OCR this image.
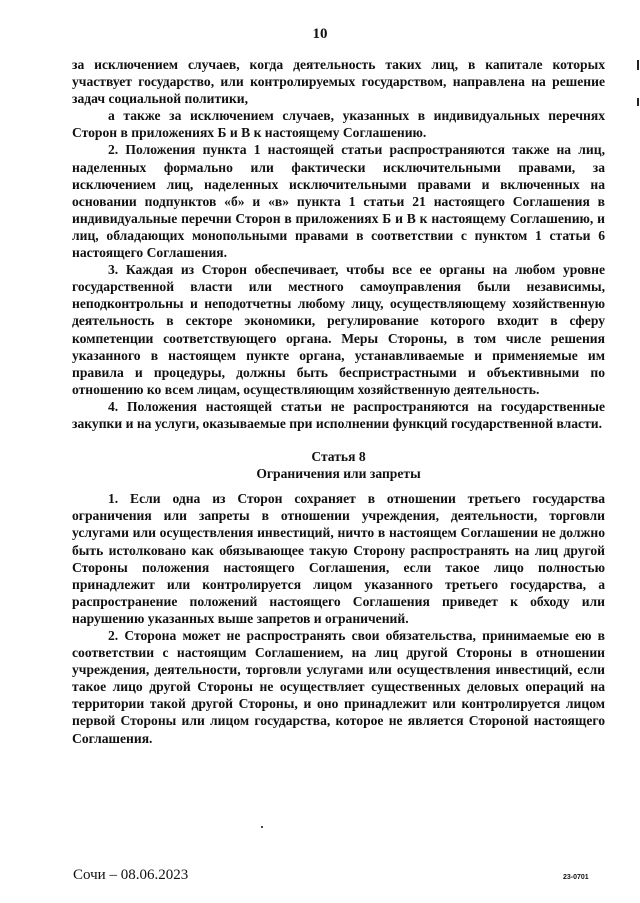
10

за исключением случаев, когда деятельность таких лиц, в капитале которых участвует государство, или контролируемых государством, направлена на решение задач социальной политики,

а также за исключением случаев, указанных в индивидуальных перечнях Сторон в приложениях Б и В к настоящему Соглашению.

2. Положения пункта 1 настоящей статьи распространяются также на лиц, наделенных формально или фактически исключительными правами, за исключением лиц, наделенных исключительными правами и включенных на основании подпунктов «б» и «в» пункта 1 статьи 21 настоящего Соглашения в индивидуальные перечни Сторон в приложениях Б и В к настоящему Соглашению, и лиц, обладающих монопольными правами в соответствии с пунктом 1 статьи 6 настоящего Соглашения.

3. Каждая из Сторон обеспечивает, чтобы все ее органы на любом уровне государственной власти или местного самоуправления были независимы, неподконтрольны и неподотчетны любому лицу, осуществляющему хозяйственную деятельность в секторе экономики, регулирование которого входит в сферу компетенции соответствующего органа. Меры Стороны, в том числе решения указанного в настоящем пункте органа, устанавливаемые и применяемые им правила и процедуры, должны быть беспристрастными и объективными по отношению ко всем лицам, осуществляющим хозяйственную деятельность.

4. Положения настоящей статьи не распространяются на государственные закупки и на услуги, оказываемые при исполнении функций государственной власти.

Статья 8

Ограничения или запреты

1. Если одна из Сторон сохраняет в отношении третьего государства ограничения или запреты в отношении учреждения, деятельности, торговли услугами или осуществления инвестиций, ничто в настоящем Соглашении не должно быть истолковано как обязывающее такую Сторону распространять на лиц другой Стороны положения настоящего Соглашения, если такое лицо полностью принадлежит или контролируется лицом указанного третьего государства, а распространение положений настоящего Соглашения приведет к обходу или нарушению указанных выше запретов и ограничений.

2. Сторона может не распространять свои обязательства, принимаемые ею в соответствии с настоящим Соглашением, на лиц другой Стороны в отношении учреждения, деятельности, торговли услугами или осуществления инвестиций, если такое лицо другой Стороны не осуществляет существенных деловых операций на территории такой другой Стороны, и оно принадлежит или контролируется лицом первой Стороны или лицом государства, которое не является Стороной настоящего Соглашения.

Сочи – 08.06.2023	23-0701
